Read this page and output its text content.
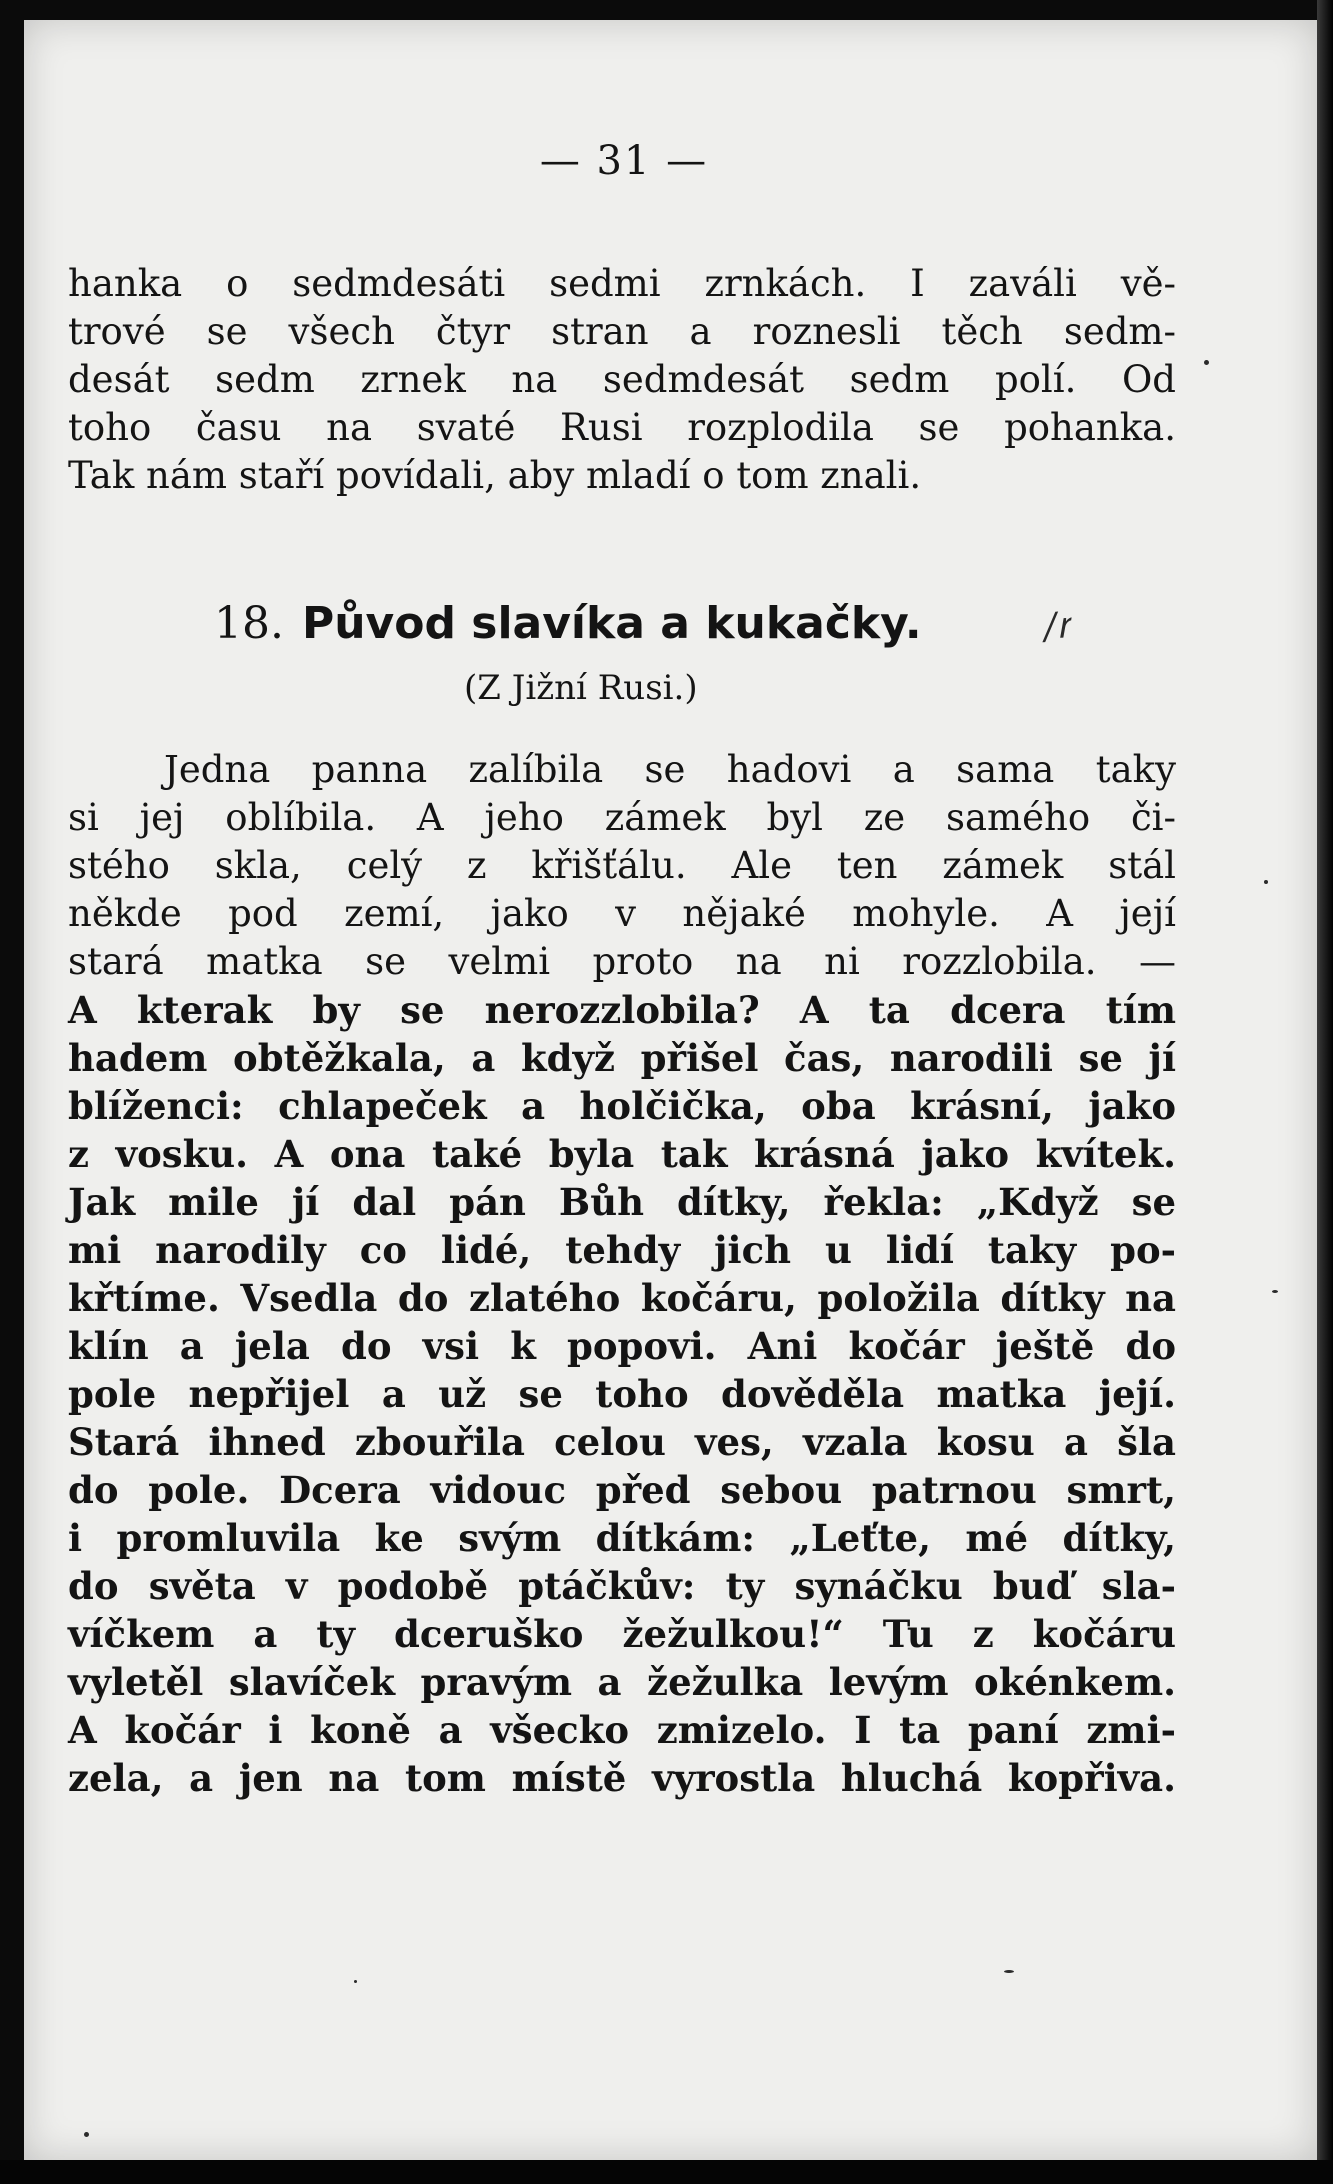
— 31 —
hanka o sedmdesáti sedmi zrnkách. I zaváli vě-
trové se všech čtyr stran a roznesli těch sedm-
desát sedm zrnek na sedmdesát sedm polí. Od
toho času na svaté Rusi rozplodila se pohanka.
Tak nám staří povídali, aby mladí o tom znali.
18. Původ slavíka a kukačky.	/ꭇ
(Z Jižní Rusi.)
Jedna panna zalíbila se hadovi a sama taky
si jej oblíbila. A jeho zámek byl ze samého či-
stého skla, celý z křišťálu. Ale ten zámek stál
někde pod zemí, jako v nějaké mohyle. A její
stará matka se velmi proto na ni rozzlobila. —
A kterak by se nerozzlobila? A ta dcera tím
hadem obtěžkala, a když přišel čas, narodili se jí
blíženci: chlapeček a holčička, oba krásní, jako
z vosku. A ona také byla tak krásná jako kvítek.
Jak mile jí dal pán Bůh dítky, řekla: „Když se
mi narodily co lidé, tehdy jich u lidí taky po-
křtíme. Vsedla do zlatého kočáru, položila dítky na
klín a jela do vsi k popovi. Ani kočár ještě do
pole nepřijel a už se toho dověděla matka její.
Stará ihned zbouřila celou ves, vzala kosu a šla
do pole. Dcera vidouc před sebou patrnou smrt,
i promluvila ke svým dítkám: „Leťte, mé dítky,
do světa v podobě ptáčkův: ty synáčku buď sla-
víčkem a ty dceruško žežulkou!“ Tu z kočáru
vyletěl slavíček pravým a žežulka levým okénkem.
A kočár i koně a všecko zmizelo. I ta paní zmi-
zela, a jen na tom místě vyrostla hluchá kopřiva.
